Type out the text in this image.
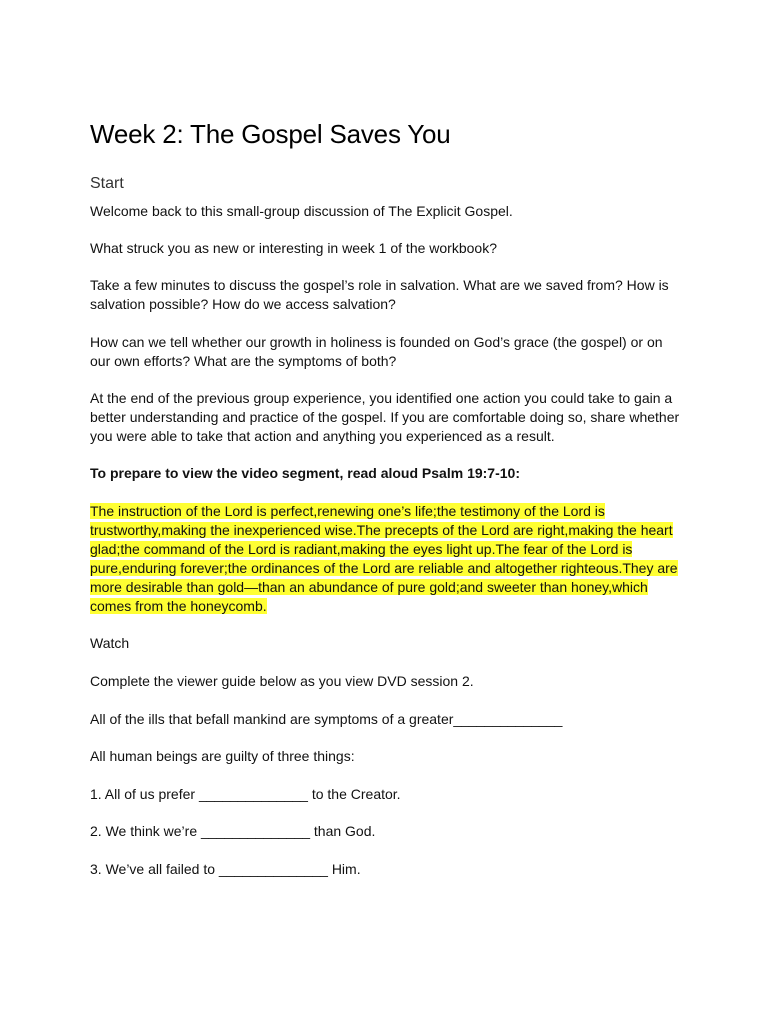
Week 2: The Gospel Saves You
Start

Welcome back to this small-group discussion of The Explicit Gospel.

What struck you as new or interesting in week 1 of the workbook?

Take a few minutes to discuss the gospel’s role in salvation. What are we saved from? How is salvation possible? How do we access salvation?

How can we tell whether our growth in holiness is founded on God’s grace (the gospel) or on our own efforts? What are the symptoms of both?

At the end of the previous group experience, you identified one action you could take to gain a better understanding and practice of the gospel. If you are comfortable doing so, share whether you were able to take that action and anything you experienced as a result.

To prepare to view the video segment, read aloud Psalm 19:7-10:

The instruction of the Lord is perfect,renewing one’s life;the testimony of the Lord is trustworthy,making the inexperienced wise.The precepts of the Lord are right,making the heart glad;the command of the Lord is radiant,making the eyes light up.The fear of the Lord is pure,enduring forever;the ordinances of the Lord are reliable and altogether righteous.They are more desirable than gold—than an abundance of pure gold;and sweeter than honey,which comes from the honeycomb.

Watch

Complete the viewer guide below as you view DVD session 2.

All of the ills that befall mankind are symptoms of a greater______________

All human beings are guilty of three things:

1. All of us prefer ______________ to the Creator.

2. We think we’re ______________ than God.

3. We’ve all failed to ______________ Him.
